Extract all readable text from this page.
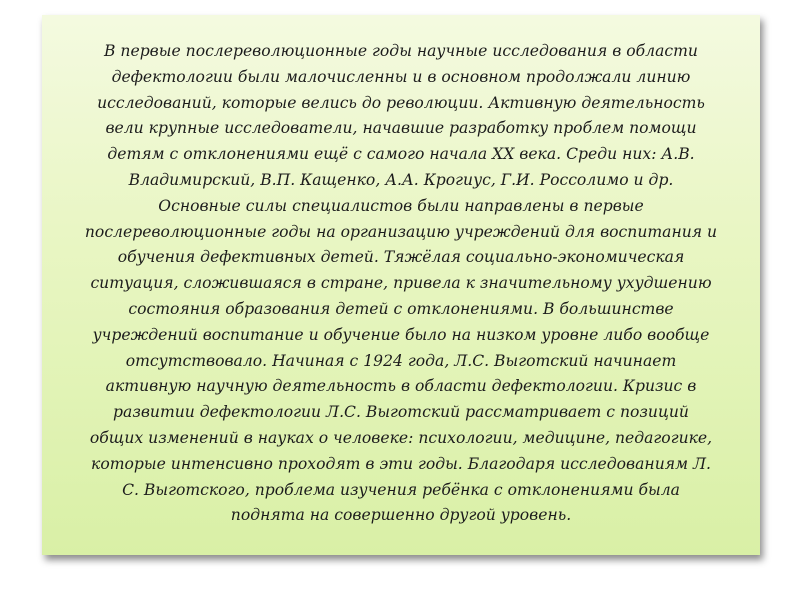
В первые послереволюционные годы научные исследования в области
дефектологии были малочисленны и в основном продолжали линию
исследований, которые велись до революции. Активную деятельность
вели крупные исследователи, начавшие разработку проблем помощи
детям с отклонениями ещё с самого начала XX века. Среди них: А.В.
Владимирский, В.П. Кащенко, А.А. Крогиус, Г.И. Россолимо и др.
Основные силы специалистов были направлены в первые
послереволюционные годы на организацию учреждений для воспитания и
обучения дефективных детей. Тяжёлая социально-экономическая
ситуация, сложившаяся в стране, привела к значительному ухудшению
состояния образования детей с отклонениями. В большинстве
учреждений воспитание и обучение было на низком уровне либо вообще
отсутствовало. Начиная с 1924 года, Л.С. Выготский начинает
активную научную деятельность в области дефектологии. Кризис в
развитии дефектологии Л.С. Выготский рассматривает с позиций
общих изменений в науках о человеке: психологии, медицине, педагогике,
которые интенсивно проходят в эти годы. Благодаря исследованиям Л.
С. Выготского, проблема изучения ребёнка с отклонениями была
поднята на совершенно другой уровень.
